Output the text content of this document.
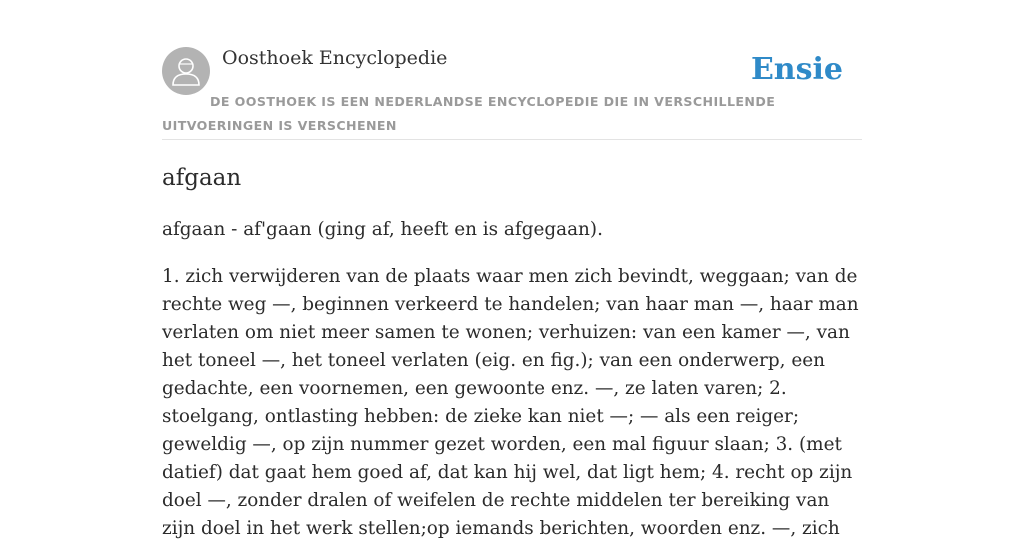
Oosthoek Encyclopedie	Ensie
DE OOSTHOEK IS EEN NEDERLANDSE ENCYCLOPEDIE DIE IN VERSCHILLENDE UITVOERINGEN IS VERSCHENEN
afgaan

afgaan - af'gaan (ging af, heeft en is afgegaan).

1. zich verwijderen van de plaats waar men zich bevindt, weggaan; van de rechte weg —, beginnen verkeerd te handelen; van haar man —, haar man verlaten om niet meer samen te wonen; verhuizen: van een kamer —, van het toneel —, het toneel verlaten (eig. en fig.); van een onderwerp, een gedachte, een voornemen, een gewoonte enz. —, ze laten varen; 2. stoelgang, ontlasting hebben: de zieke kan niet —; — als een reiger; geweldig —, op zijn nummer gezet worden, een mal figuur slaan; 3. (met datief) dat gaat hem goed af, dat kan hij wel, dat ligt hem; 4. recht op zijn doel —, zonder dralen of weifelen de rechte middelen ter bereiking van zijn doel in het werk stellen;op iemands berichten, woorden enz. —, zich
